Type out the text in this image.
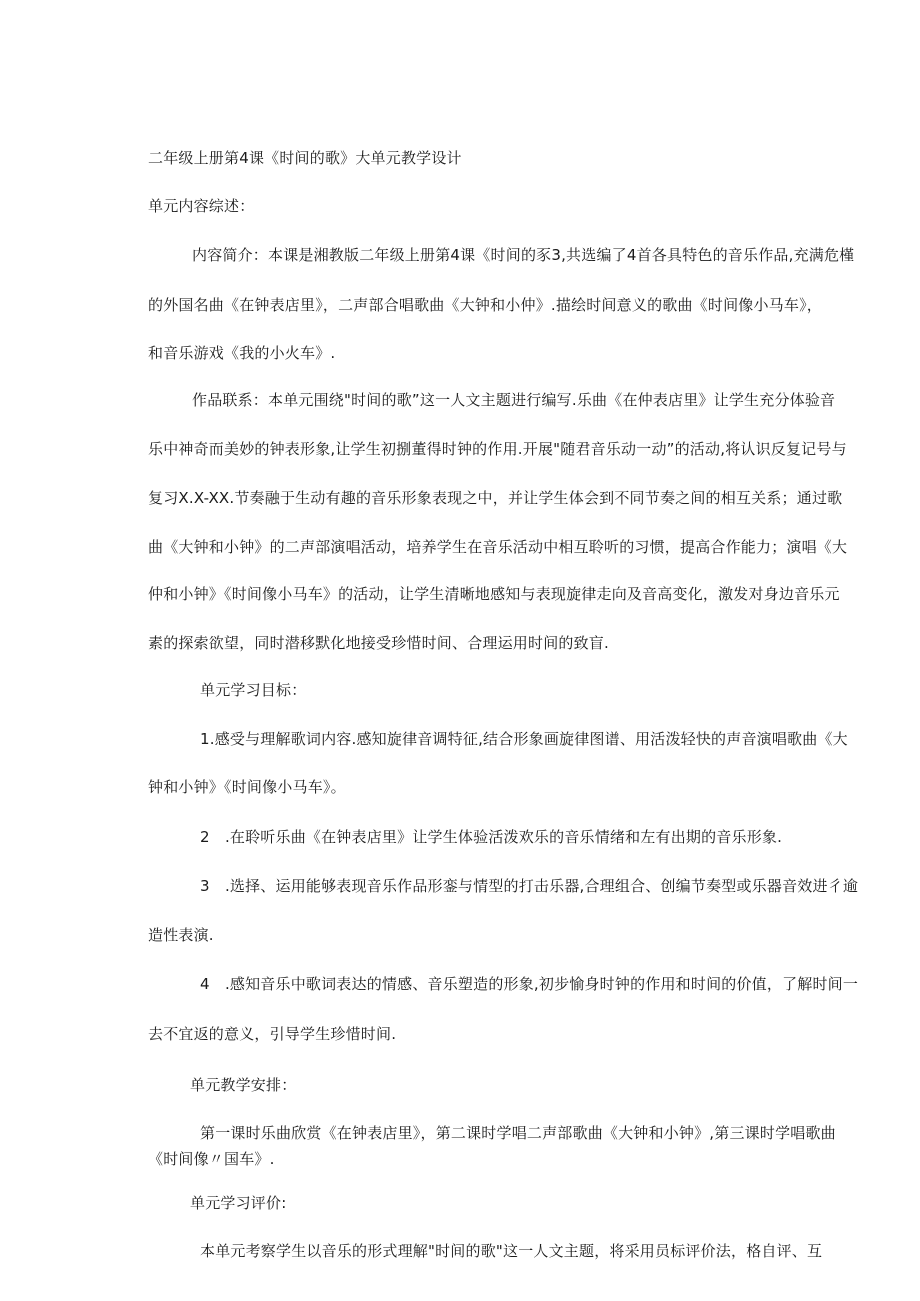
二年级上册第4课《时间的歌》大单元教学设计
单元内容综述：
内容简介：本课是湘教版二年级上册第4课《时间的豕3,共选编了4首各具特色的音乐作品,充满危槿
的外国名曲《在钟表店里》，二声部合唱歌曲《大钟和小仲》.描绘时间意义的歌曲《时间像小马车》，
和音乐游戏《我的小火车》.
作品联系：本单元围绕"时间的歌”这一人文主题进行编写.乐曲《在仲表店里》让学生充分体验音
乐中神奇而美妙的钟表形象,让学生初捌董得时钟的作用.开展"随君音乐动一动”的活动,将认识反复记号与
复习X.X-XX.节奏融于生动有趣的音乐形象表现之中，并让学生体会到不同节奏之间的相互关系；通过歌
曲《大钟和小钟》的二声部演唱活动，培养学生在音乐活动中相互聆听的习惯，提高合作能力；演唱《大
仲和小钟》《时间像小马车》的活动，让学生清晰地感知与表现旋律走向及音高变化，激发对身边音乐元
素的探索欲望，同时潜移默化地接受珍惜时间、合理运用时间的致盲.
单元学习目标：
1.感受与理解歌词内容.感知旋律音调特征,结合形象画旋律图谱、用活泼轻快的声音演唱歌曲《大
钟和小钟》《时间像小马车》。
2　.在聆听乐曲《在钟表店里》让学生体验活泼欢乐的音乐情绪和左有出期的音乐形象.
3　.选择、运用能够表现音乐作品形銮与情型的打击乐器,合理组合、创编节奏型或乐器音效进彳逾
造性表演.
4　.感知音乐中歌词表达的情感、音乐塑造的形象,初步愉身时钟的作用和时间的价值，了解时间一
去不宜返的意义，引导学生珍惜时间.
单元教学安排：
第一课时乐曲欣赏《在钟表店里》，第二课时学唱二声部歌曲《大钟和小钟》,第三课时学唱歌曲
《时间像〃国车》.
单元学习评价:
本单元考察学生以音乐的形式理解"时间的歌"这一人文主题，将采用员标评价法，格自评、互
